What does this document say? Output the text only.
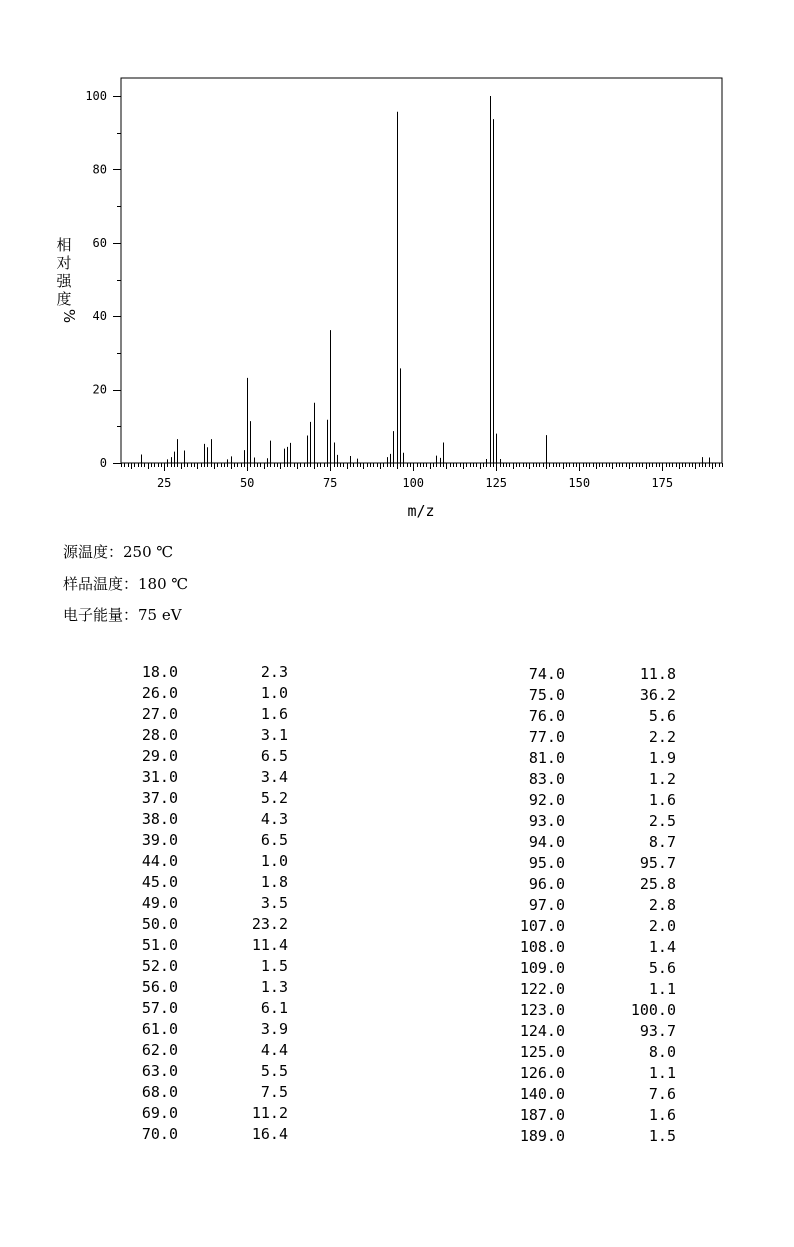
25	50	75	100	125	150	175
0
20
40
60
80
100
m/z
相
对
强
度
%
源温度：250 ℃
样品温度：180 ℃
电子能量：75 eV
18.0	2.3
26.0	1.0
27.0	1.6
28.0	3.1
29.0	6.5
31.0	3.4
37.0	5.2
38.0	4.3
39.0	6.5
44.0	1.0
45.0	1.8
49.0	3.5
50.0	23.2
51.0	11.4
52.0	1.5
56.0	1.3
57.0	6.1
61.0	3.9
62.0	4.4
63.0	5.5
68.0	7.5
69.0	11.2
70.0	16.4
74.0	11.8
75.0	36.2
76.0	5.6
77.0	2.2
81.0	1.9
83.0	1.2
92.0	1.6
93.0	2.5
94.0	8.7
95.0	95.7
96.0	25.8
97.0	2.8
107.0	2.0
108.0	1.4
109.0	5.6
122.0	1.1
123.0	100.0
124.0	93.7
125.0	8.0
126.0	1.1
140.0	7.6
187.0	1.6
189.0	1.5
